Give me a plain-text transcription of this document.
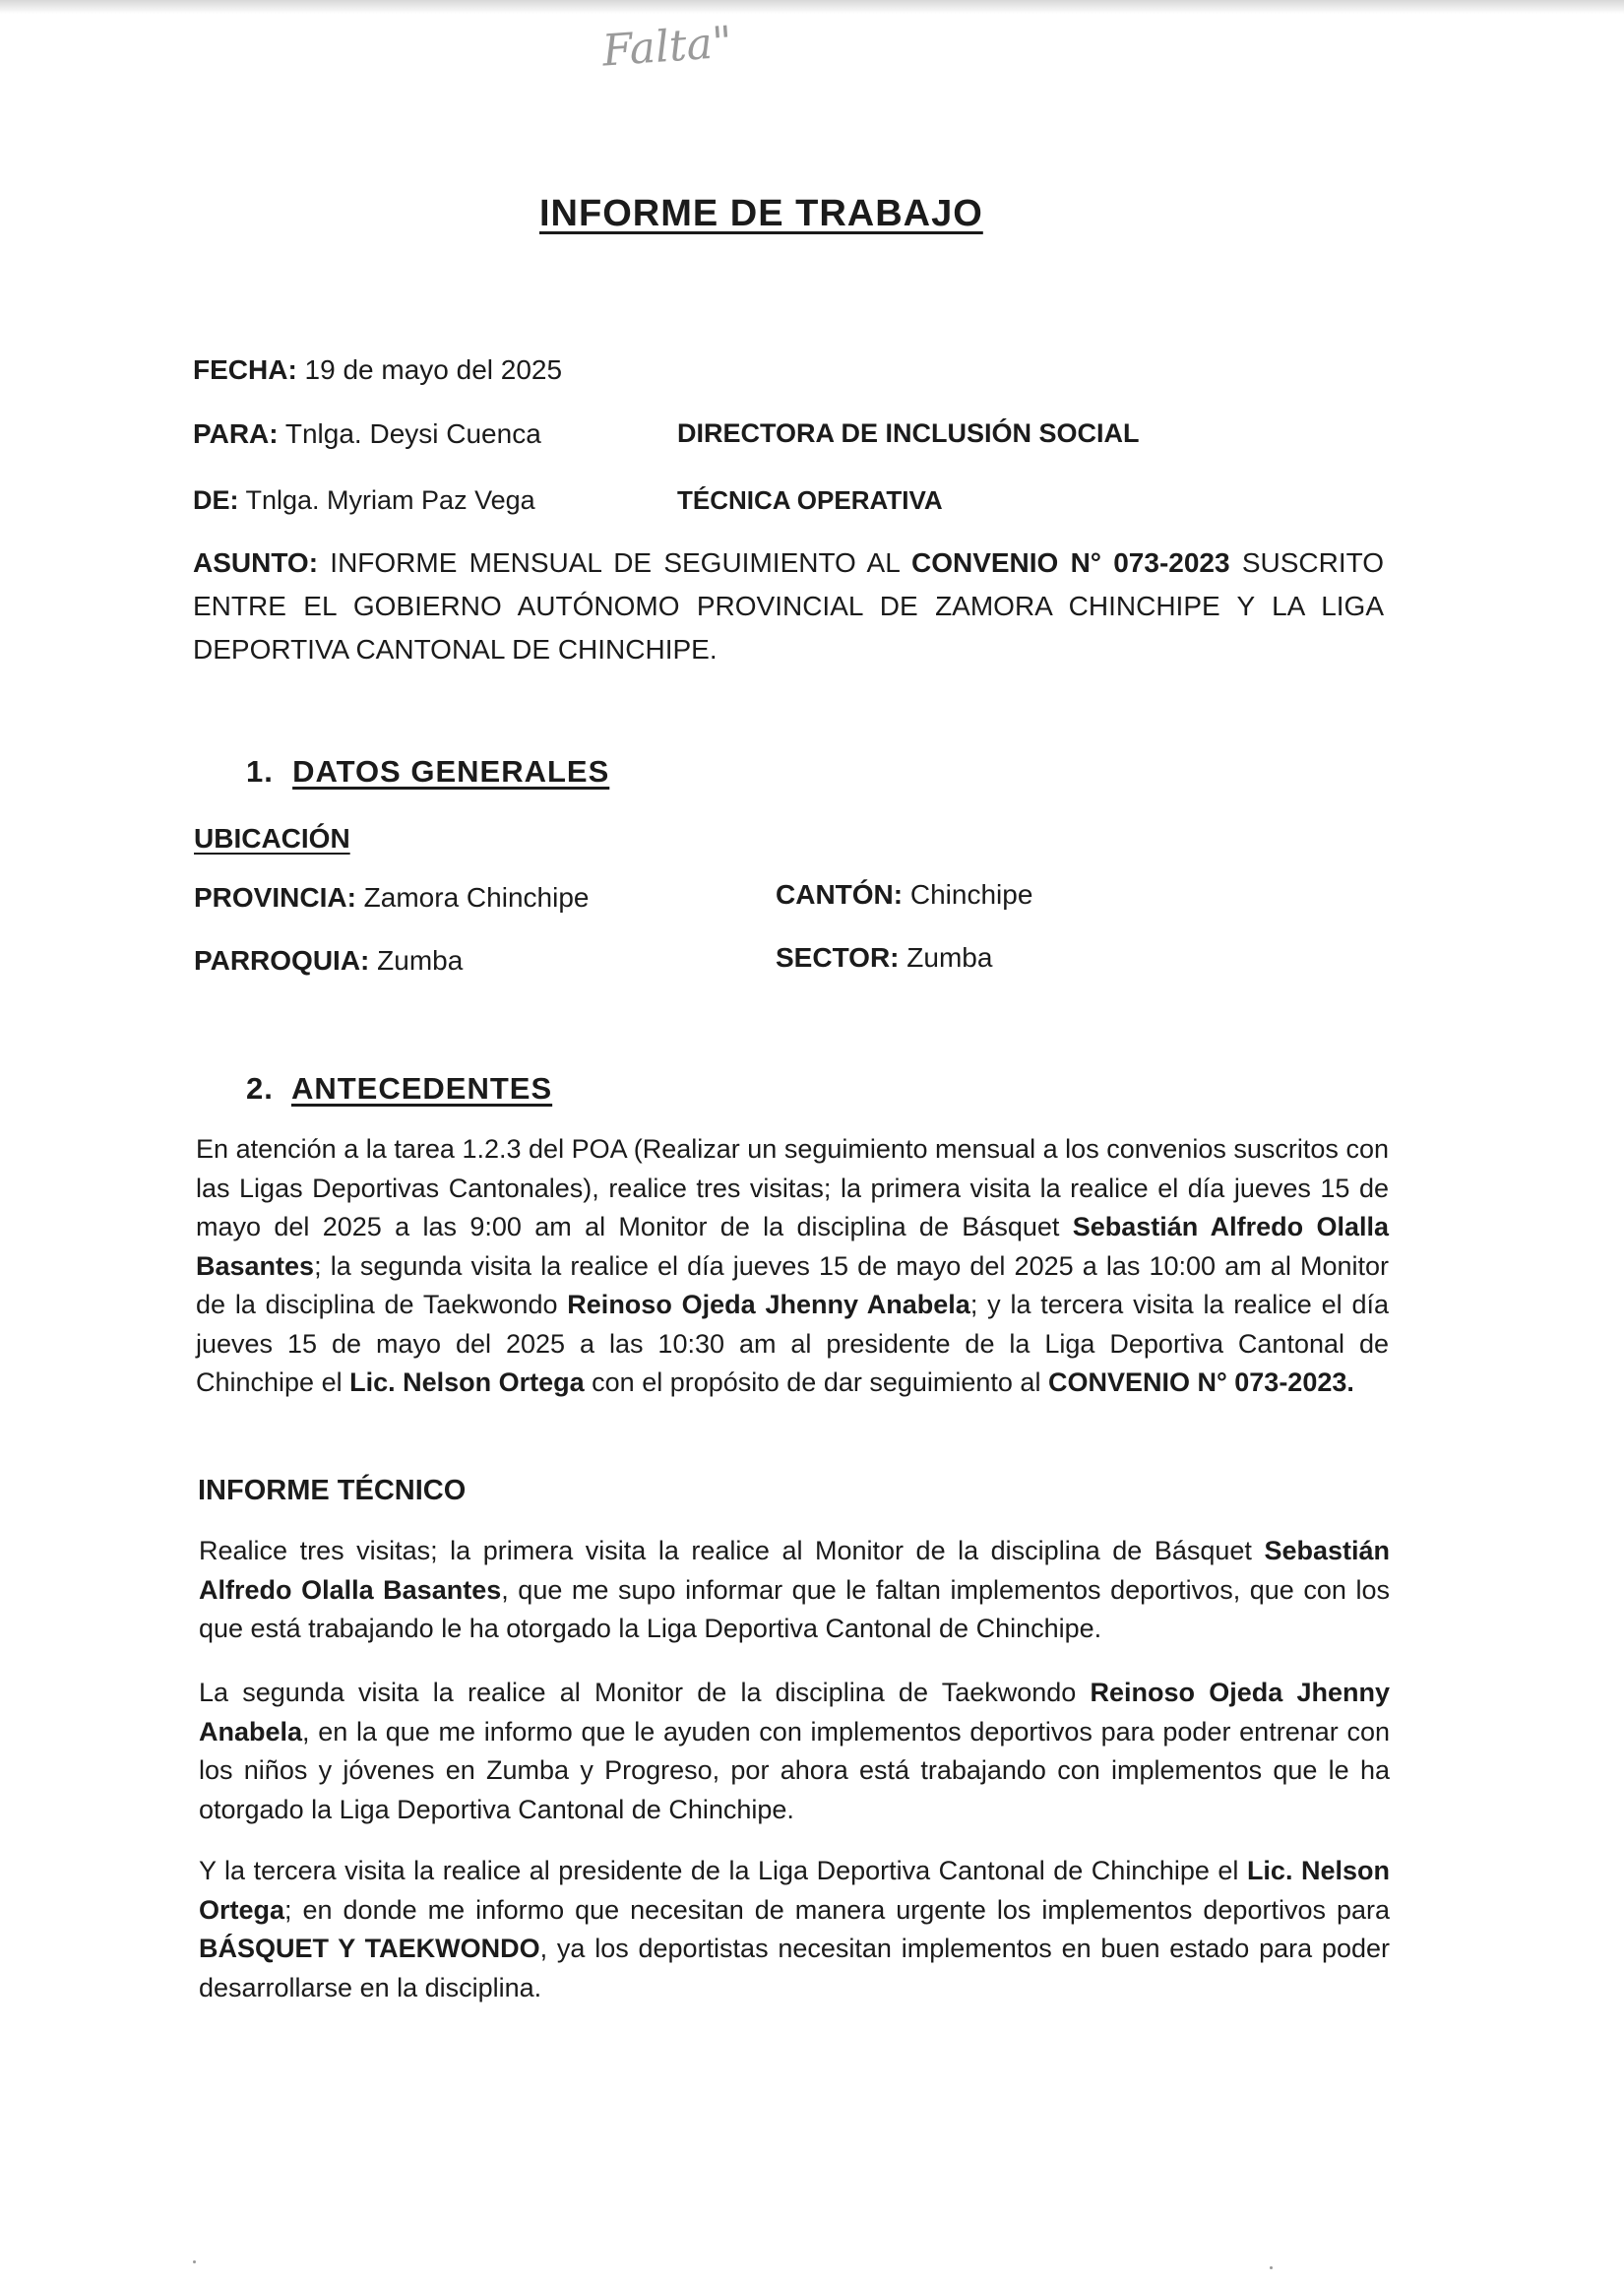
Falta"
INFORME DE TRABAJO
FECHA: 19 de mayo del 2025
PARA: Tnlga. Deysi Cuenca	DIRECTORA DE INCLUSIÓN SOCIAL
DE: Tnlga. Myriam Paz Vega	TÉCNICA OPERATIVA
ASUNTO: INFORME MENSUAL DE SEGUIMIENTO AL CONVENIO N° 073-2023 SUSCRITO ENTRE EL GOBIERNO AUTÓNOMO PROVINCIAL DE ZAMORA CHINCHIPE Y LA LIGA DEPORTIVA CANTONAL DE CHINCHIPE.
1. DATOS GENERALES
UBICACIÓN
PROVINCIA: Zamora Chinchipe	CANTÓN: Chinchipe
PARROQUIA: Zumba	SECTOR: Zumba
2. ANTECEDENTES
En atención a la tarea 1.2.3 del POA (Realizar un seguimiento mensual a los convenios suscritos con las Ligas Deportivas Cantonales), realice tres visitas; la primera visita la realice el día jueves 15 de mayo del 2025 a las 9:00 am al Monitor de la disciplina de Básquet Sebastián Alfredo Olalla Basantes; la segunda visita la realice el día jueves 15 de mayo del 2025 a las 10:00 am al Monitor de la disciplina de Taekwondo Reinoso Ojeda Jhenny Anabela; y la tercera visita la realice el día jueves 15 de mayo del 2025 a las 10:30 am al presidente de la Liga Deportiva Cantonal de Chinchipe el Lic. Nelson Ortega con el propósito de dar seguimiento al CONVENIO N° 073-2023.
INFORME TÉCNICO
Realice tres visitas; la primera visita la realice al Monitor de la disciplina de Básquet Sebastián Alfredo Olalla Basantes, que me supo informar que le faltan implementos deportivos, que con los que está trabajando le ha otorgado la Liga Deportiva Cantonal de Chinchipe.
La segunda visita la realice al Monitor de la disciplina de Taekwondo Reinoso Ojeda Jhenny Anabela, en la que me informo que le ayuden con implementos deportivos para poder entrenar con los niños y jóvenes en Zumba y Progreso, por ahora está trabajando con implementos que le ha otorgado la Liga Deportiva Cantonal de Chinchipe.
Y la tercera visita la realice al presidente de la Liga Deportiva Cantonal de Chinchipe el Lic. Nelson Ortega; en donde me informo que necesitan de manera urgente los implementos deportivos para BÁSQUET Y TAEKWONDO, ya los deportistas necesitan implementos en buen estado para poder desarrollarse en la disciplina.
